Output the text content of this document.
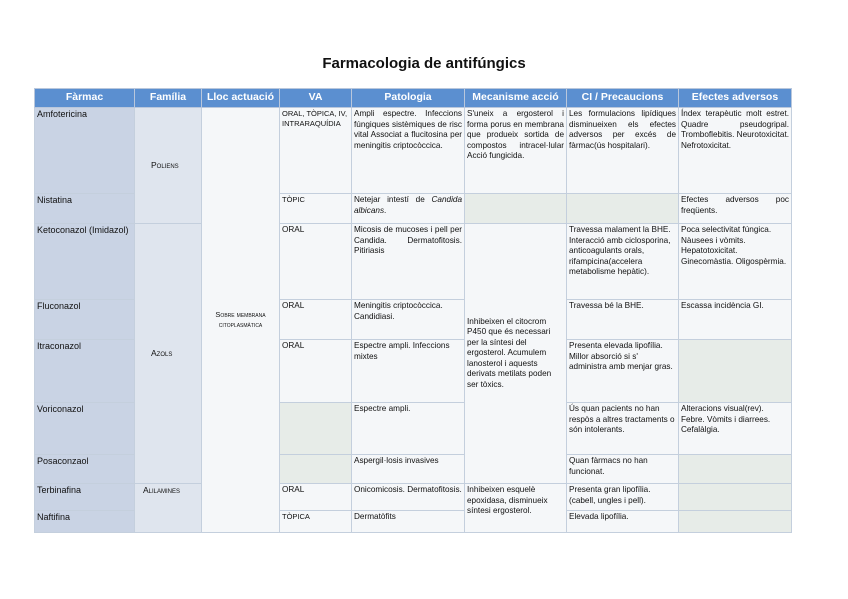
Farmacologia de antifúngics
Fàrmac	Família	Lloc actuació	VA	Patologia	Mecanisme acció	CI / Precaucions	Efectes adversos
Amfotericina	Poliens	Sobre membrana citoplasmàtica	ORAL, TÒPICA, IV, INTRARAQUÍDIA	Ampli espectre. Infeccions fúngiques sistèmiques de risc vital Associat a flucitosina per meningitis criptocòccica.	S'uneix a ergosterol i forma porus en membrana que produeix sortida de compostos intracel·lular Acció fungicida.	Les formulacions lipídiques disminueixen els efectes adversos per excés de fàrmac(ús hospitalari).	Índex terapèutic molt estret. Quadre pseudogripal. Tromboflebitis. Neurotoxicitat. Nefrotoxicitat.
Nistatina			TÒPIC	Netejar intestí de Candida albicans.			Efectes adversos poc freqüents.
Ketoconazol (Imidazol)	Azols		ORAL	Micosis de mucoses i pell per Candida. Dermatofitosis. Pitiriasis	Inhibeixen el citocrom P450 que és necessari per la síntesi del ergosterol. Acumulem lanosterol i aquests derivats metilats poden ser tòxics.	Travessa malament la BHE. Interacció amb ciclosporina, anticoagulants orals, rifampicina(accelera metabolisme hepàtic).	Poca selectivitat fúngica. Nàusees i vòmits. Hepatotoxicitat. Ginecomàstia. Oligospèrmia.
Fluconazol			ORAL	Meningitis criptocòccica. Candidiasi.		Travessa bé la BHE.	Escassa incidència GI.
Itraconazol			ORAL	Espectre ampli. Infeccions mixtes		Presenta elevada lipofília. Millor absorció si s' administra amb menjar gras.	
Voriconazol				Espectre ampli.		Ús quan pacients no han respòs a altres tractaments o són intolerants.	Alteracions visual(rev). Febre. Vòmits i diarrees. Cefalàlgia.
Posaconzaol				Aspergil·losis invasives		Quan fàrmacs no han funcionat.	
Terbinafina	Alilamines		ORAL	Onicomicosis. Dermatofitosis.	Inhibeixen esquelè epoxidasa, disminueix síntesi ergosterol.	Presenta gran lipofília. (cabell, ungles i pell).	
Naftifina			TÒPICA	Dermatòfits		Elevada lipofília.	
